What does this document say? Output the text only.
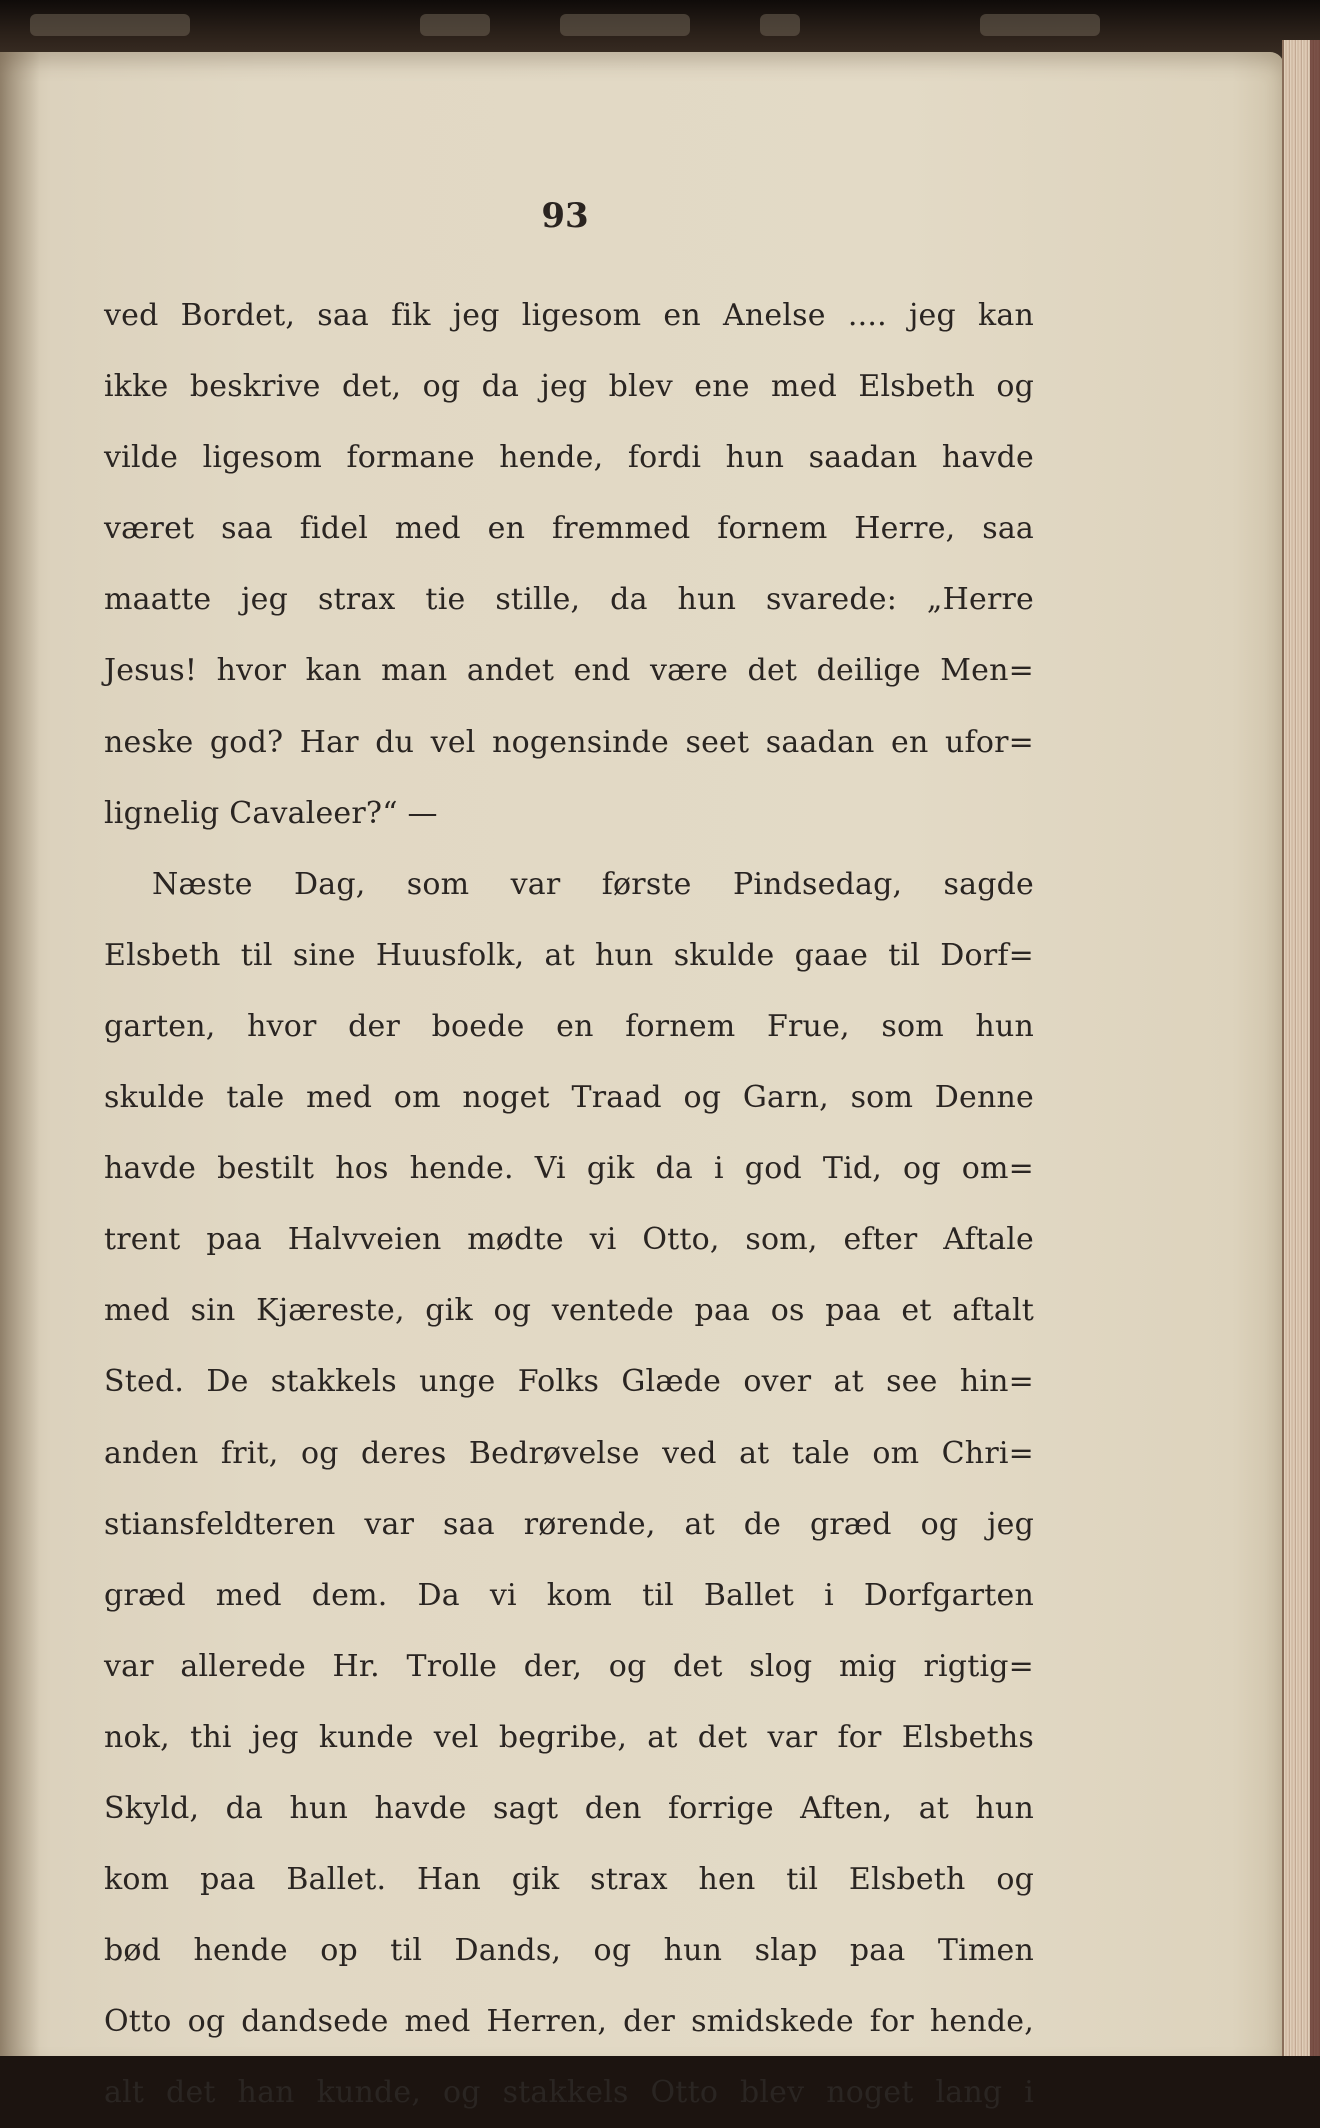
93
ved Bordet, saa fik jeg ligesom en Anelse .... jeg kan
ikke beskrive det, og da jeg blev ene med Elsbeth og
vilde ligesom formane hende, fordi hun saadan havde
været saa fidel med en fremmed fornem Herre, saa
maatte jeg strax tie stille, da hun svarede: „Herre
Jesus! hvor kan man andet end være det deilige Men=
neske god? Har du vel nogensinde seet saadan en ufor=
lignelig Cavaleer?“ —
Næste Dag, som var første Pindsedag, sagde
Elsbeth til sine Huusfolk, at hun skulde gaae til Dorf=
garten, hvor der boede en fornem Frue, som hun
skulde tale med om noget Traad og Garn, som Denne
havde bestilt hos hende. Vi gik da i god Tid, og om=
trent paa Halvveien mødte vi Otto, som, efter Aftale
med sin Kjæreste, gik og ventede paa os paa et aftalt
Sted. De stakkels unge Folks Glæde over at see hin=
anden frit, og deres Bedrøvelse ved at tale om Chri=
stiansfeldteren var saa rørende, at de græd og jeg
græd med dem. Da vi kom til Ballet i Dorfgarten
var allerede Hr. Trolle der, og det slog mig rigtig=
nok, thi jeg kunde vel begribe, at det var for Elsbeths
Skyld, da hun havde sagt den forrige Aften, at hun
kom paa Ballet. Han gik strax hen til Elsbeth og
bød hende op til Dands, og hun slap paa Timen
Otto og dandsede med Herren, der smidskede for hende,
alt det han kunde, og stakkels Otto blev noget lang i
